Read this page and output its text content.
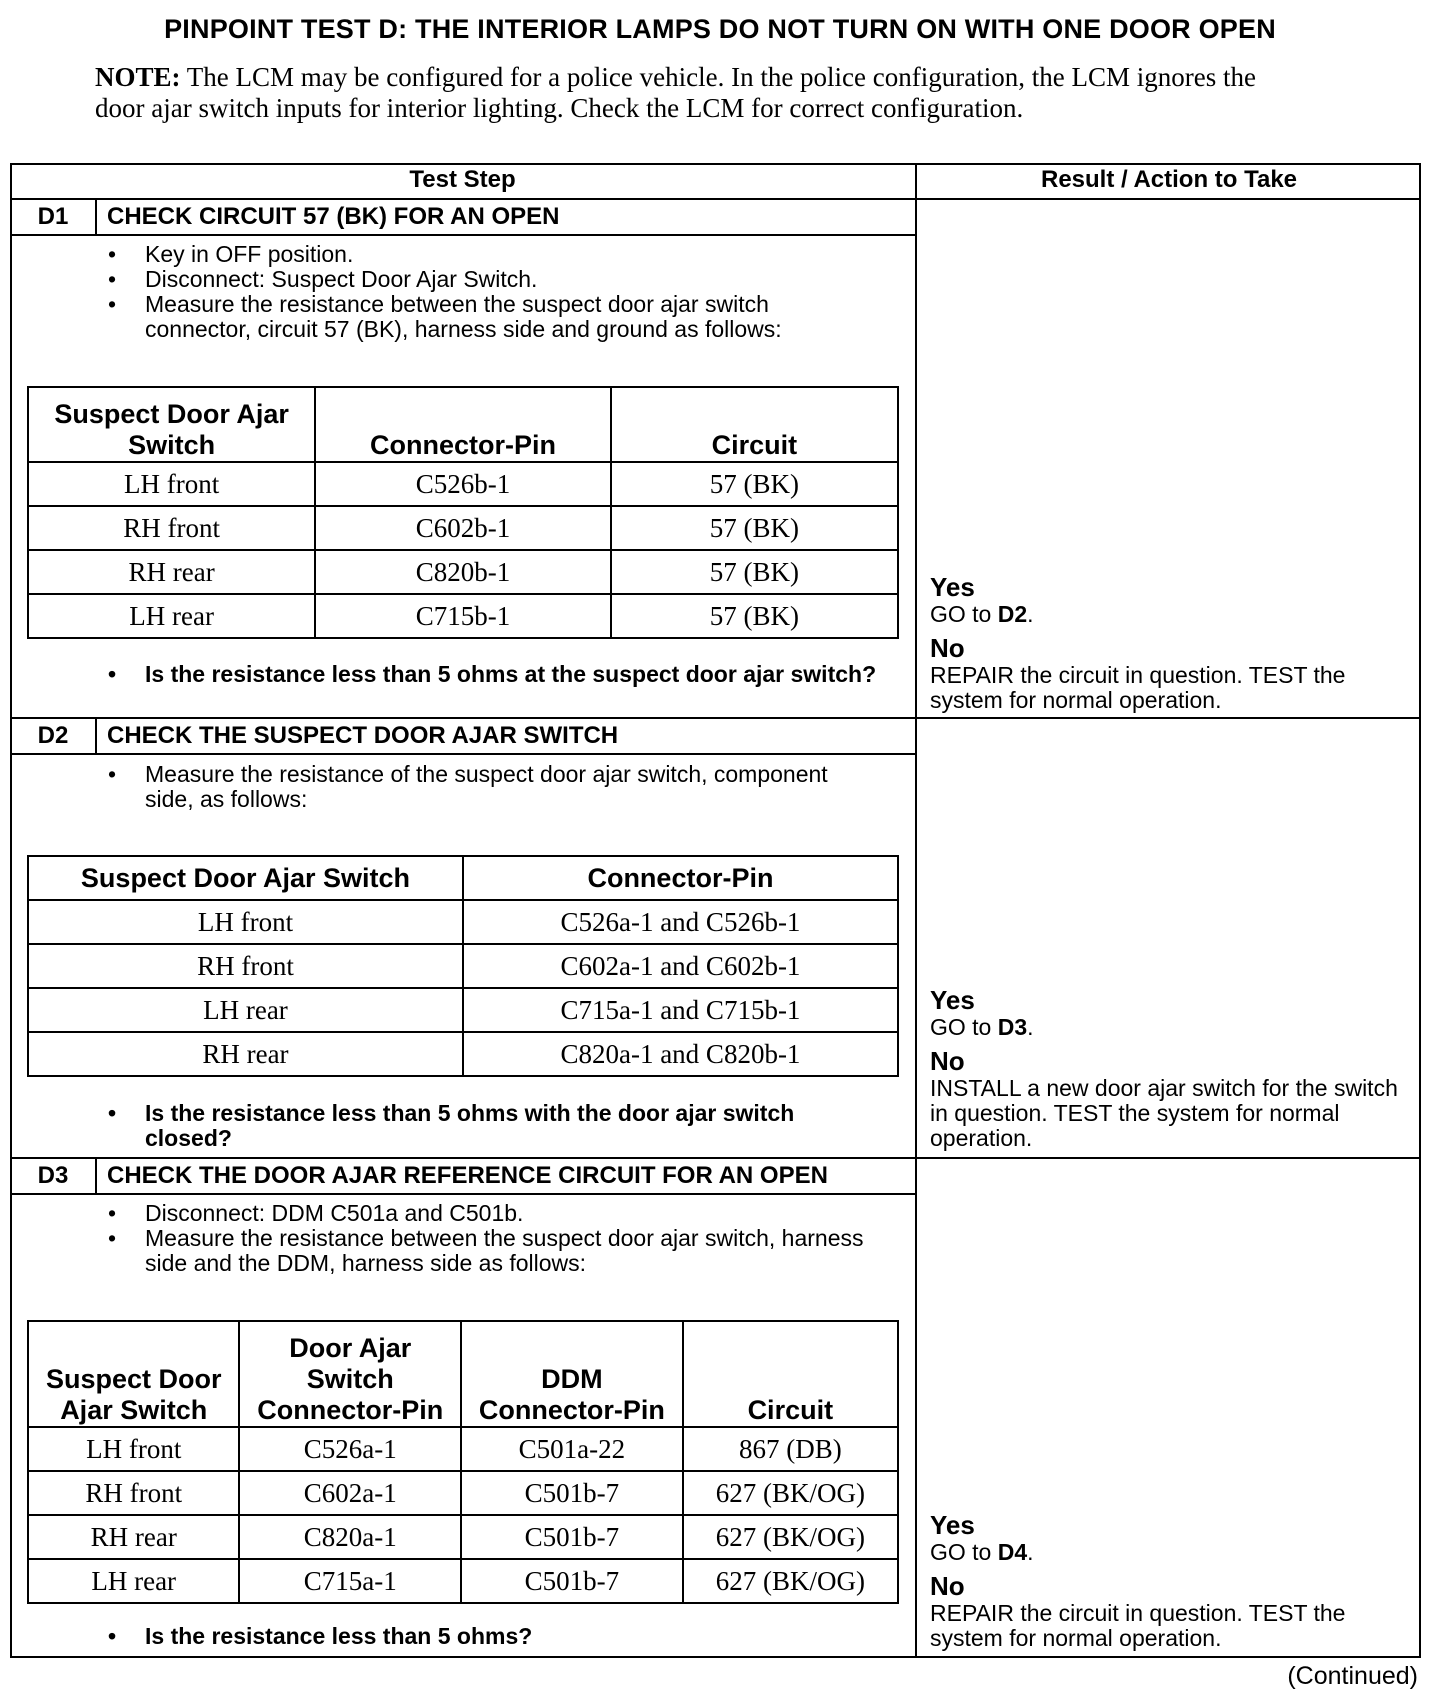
PINPOINT TEST D: THE INTERIOR LAMPS DO NOT TURN ON WITH ONE DOOR OPEN
NOTE: The LCM may be configured for a police vehicle. In the police configuration, the LCM ignores the door ajar switch inputs for interior lighting. Check the LCM for correct configuration.
Test Step	Result / Action to Take
D1	CHECK CIRCUIT 57 (BK) FOR AN OPEN
• Key in OFF position.
• Disconnect: Suspect Door Ajar Switch.
• Measure the resistance between the suspect door ajar switch connector, circuit 57 (BK), harness side and ground as follows:
Suspect Door Ajar Switch	Connector-Pin	Circuit
LH front	C526b-1	57 (BK)
RH front	C602b-1	57 (BK)
RH rear	C820b-1	57 (BK)
LH rear	C715b-1	57 (BK)
• Is the resistance less than 5 ohms at the suspect door ajar switch?
Yes
GO to D2.
No
REPAIR the circuit in question. TEST the system for normal operation.
D2	CHECK THE SUSPECT DOOR AJAR SWITCH
• Measure the resistance of the suspect door ajar switch, component side, as follows:
Suspect Door Ajar Switch	Connector-Pin
LH front	C526a-1 and C526b-1
RH front	C602a-1 and C602b-1
LH rear	C715a-1 and C715b-1
RH rear	C820a-1 and C820b-1
• Is the resistance less than 5 ohms with the door ajar switch closed?
Yes
GO to D3.
No
INSTALL a new door ajar switch for the switch in question. TEST the system for normal operation.
D3	CHECK THE DOOR AJAR REFERENCE CIRCUIT FOR AN OPEN
• Disconnect: DDM C501a and C501b.
• Measure the resistance between the suspect door ajar switch, harness side and the DDM, harness side as follows:
Suspect Door Ajar Switch	Door Ajar Switch Connector-Pin	DDM Connector-Pin	Circuit
LH front	C526a-1	C501a-22	867 (DB)
RH front	C602a-1	C501b-7	627 (BK/OG)
RH rear	C820a-1	C501b-7	627 (BK/OG)
LH rear	C715a-1	C501b-7	627 (BK/OG)
• Is the resistance less than 5 ohms?
Yes
GO to D4.
No
REPAIR the circuit in question. TEST the system for normal operation.
(Continued)
